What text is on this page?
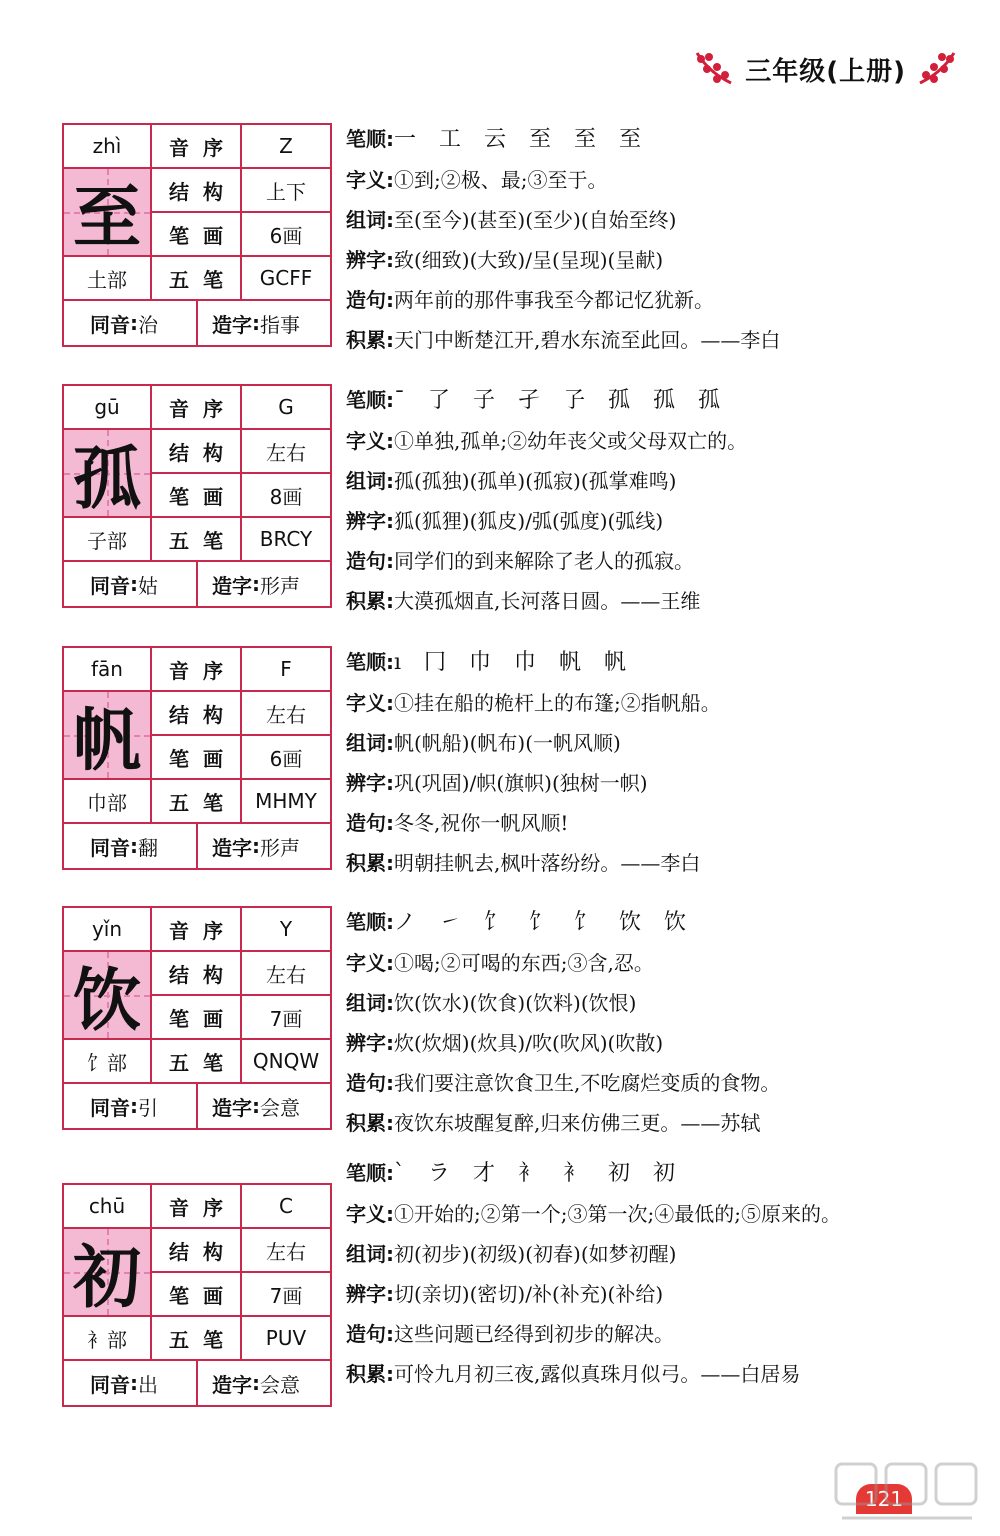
三年级(上册)
zhì	音序	Z
至	结构	上下
笔画	6画
土部	五笔	GCFF
同音 : 治	造字 : 指事
笔顺:一 工 云 至 至 至
字义:①到;②极、最;③至于。
组词:至(至今)(甚至)(至少)(自始至终)
辨字:致(细致)(大致)/呈(呈现)(呈献)
造句:两年前的那件事我至今都记忆犹新。
积累:天门中断楚江开,碧水东流至此回。——李白
gū	音序	G
孤	结构	左右
笔画	8画
子部	五笔	BRCY
同音 : 姑	造字 : 形声
笔顺:ˉ 了 子 孑 孒 孤 孤 孤
字义:①单独,孤单;②幼年丧父或父母双亡的。
组词:孤(孤独)(孤单)(孤寂)(孤掌难鸣)
辨字:狐(狐狸)(狐皮)/弧(弧度)(弧线)
造句:同学们的到来解除了老人的孤寂。
积累:大漠孤烟直,长河落日圆。——王维
fān	音序	F
帆	结构	左右
笔画	6画
巾部	五笔 MHMY
同音 : 翻	造字 : 形声
笔顺:ı 冂 巾 巾 帆 帆
字义:①挂在船的桅杆上的布篷;②指帆船。
组词:帆(帆船)(帆布)(一帆风顺)
辨字:巩(巩固)/帜(旗帜)(独树一帜)
造句:冬冬,祝你一帆风顺!
积累:明朝挂帆去,枫叶落纷纷。——李白
yǐn	音序	Y
饮	结构	左右
笔画	7画
饣部	五笔 QNQW
同音 : 引	造字 : 会意
笔顺:ノ ㇀ 饣 饣 饣 饮 饮
字义:①喝;②可喝的东西;③含,忍。
组词:饮(饮水)(饮食)(饮料)(饮恨)
辨字:炊(炊烟)(炊具)/吹(吹风)(吹散)
造句:我们要注意饮食卫生,不吃腐烂变质的食物。
积累:夜饮东坡醒复醉,归来仿佛三更。——苏轼
chū	音序	C
初	结构	左右
笔画	7画
衤部	五笔	PUV
同音 : 出	造字 : 会意
笔顺:ˋ ラ 才 衤 衤 初 初
字义:①开始的;②第一个;③第一次;④最低的;⑤原来的。
组词:初(初步)(初级)(初春)(如梦初醒)
辨字:切(亲切)(密切)/补(补充)(补给)
造句:这些问题已经得到初步的解决。
积累:可怜九月初三夜,露似真珠月似弓。——白居易
121
